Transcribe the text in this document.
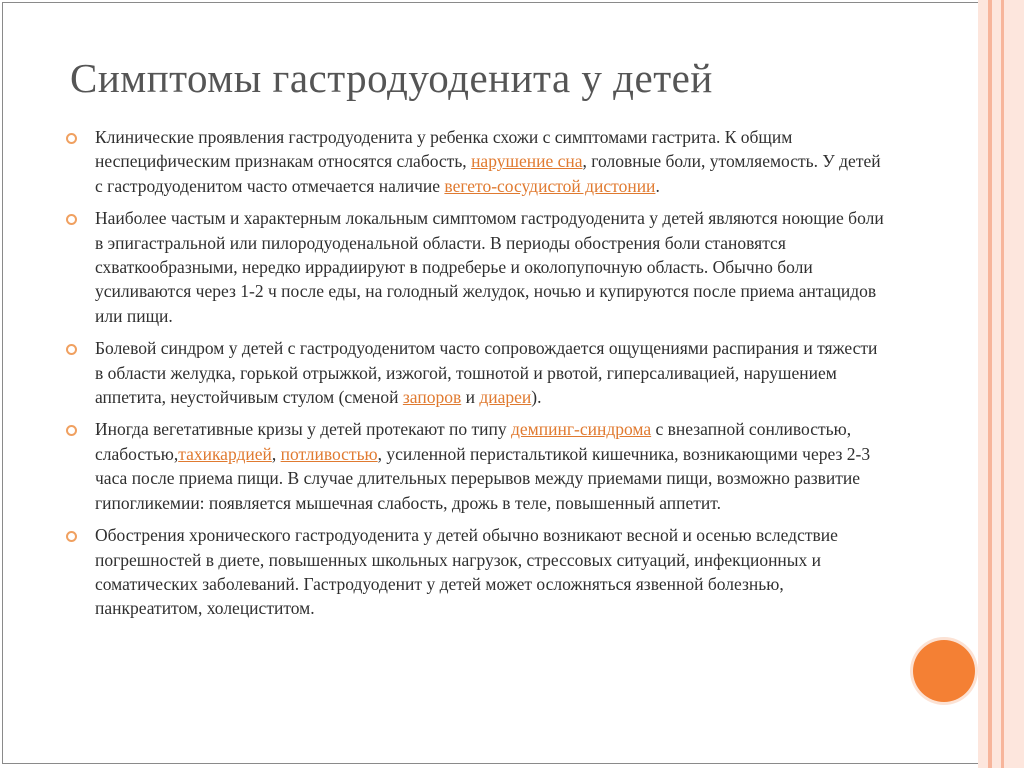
Симптомы гастродуоденита у детей
Клинические проявления гастродуоденита у ребенка схожи с симптомами гастрита. К общим неспецифическим признакам относятся слабость, нарушение сна, головные боли, утомляемость. У детей с гастродуоденитом часто отмечается наличие вегето-сосудистой дистонии.
Наиболее частым и характерным локальным симптомом гастродуоденита у детей являются ноющие боли в эпигастральной или пилородуоденальной области. В периоды обострения боли становятся схваткообразными, нередко иррадиируют в подреберье и околопупочную область. Обычно боли усиливаются через 1-2 ч после еды, на голодный желудок, ночью и купируются после приема антацидов или пищи.
Болевой синдром у детей с гастродуоденитом часто сопровождается ощущениями распирания и тяжести в области желудка, горькой отрыжкой, изжогой, тошнотой и рвотой, гиперсаливацией, нарушением аппетита, неустойчивым стулом (сменой запоров и диареи).
Иногда вегетативные кризы у детей протекают по типу демпинг-синдрома с внезапной сонливостью, слабостью,тахикардией, потливостью, усиленной перистальтикой кишечника, возникающими через 2-3 часа после приема пищи. В случае длительных перерывов между приемами пищи, возможно развитие гипогликемии: появляется мышечная слабость, дрожь в теле, повышенный аппетит.
Обострения хронического гастродуоденита у детей обычно возникают весной и осенью вследствие погрешностей в диете, повышенных школьных нагрузок, стрессовых ситуаций, инфекционных и соматических заболеваний. Гастродуоденит у детей может осложняться язвенной болезнью, панкреатитом, холециститом.
